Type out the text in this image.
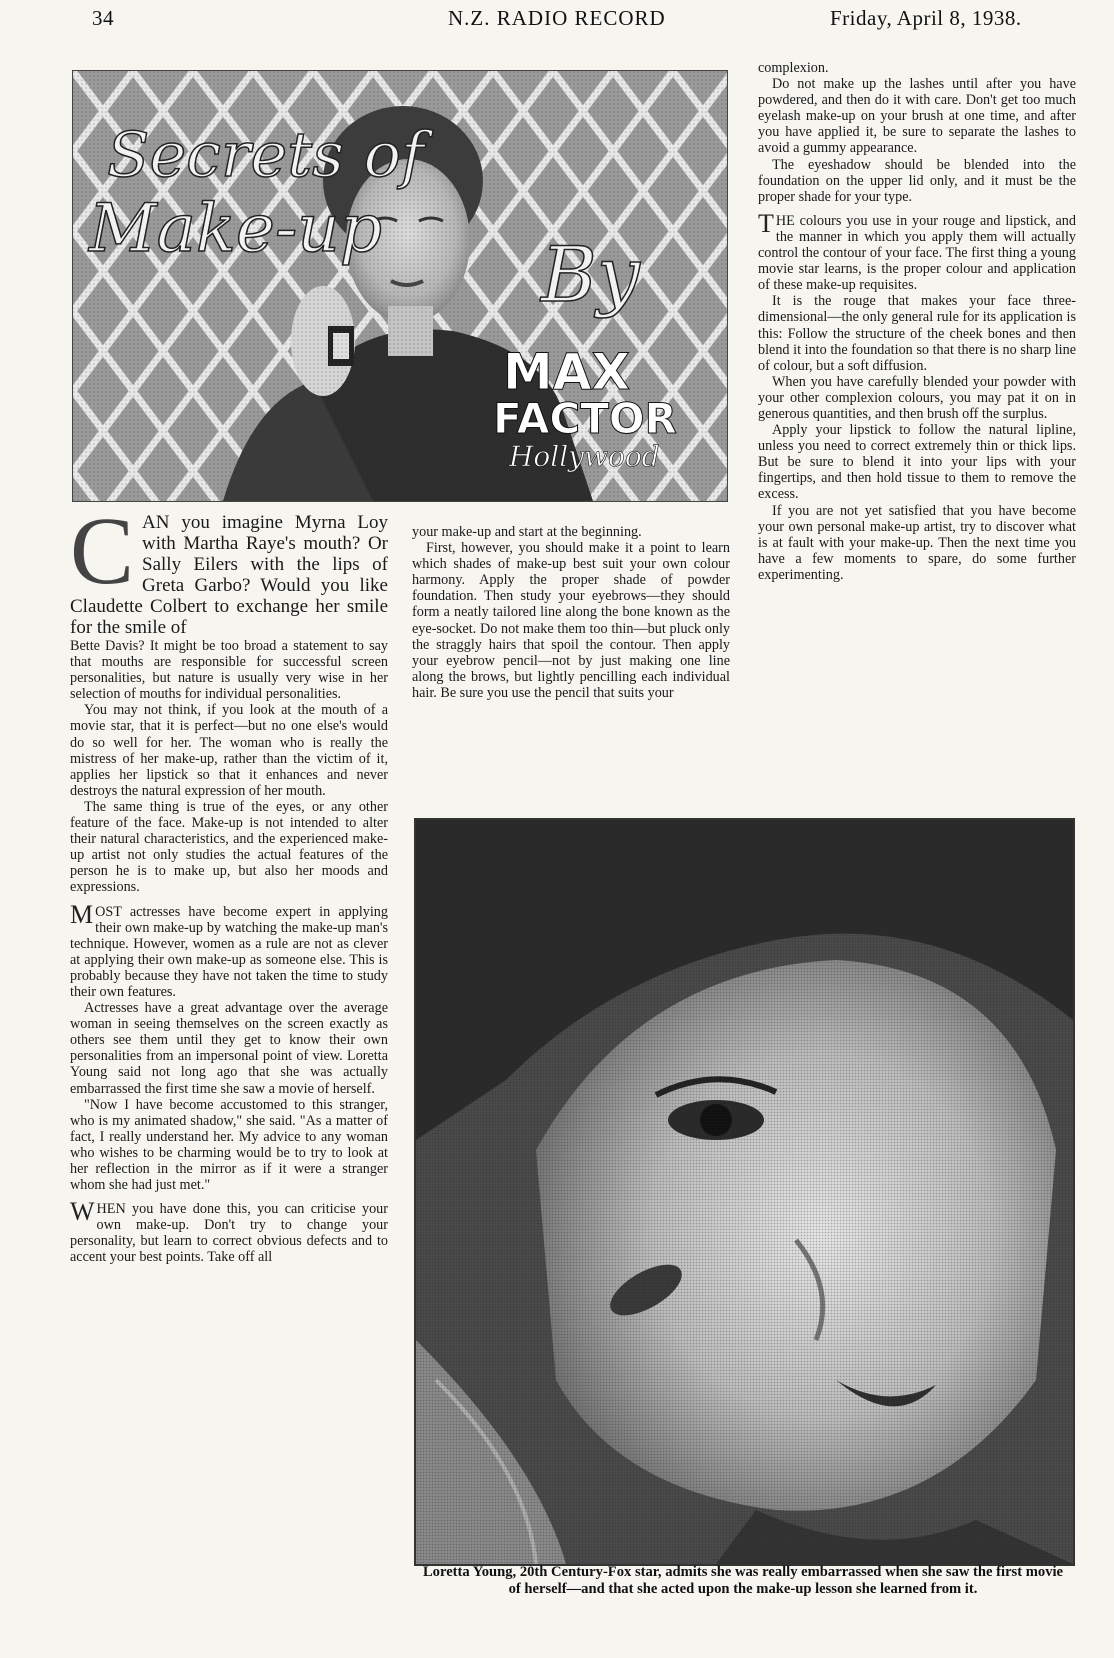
34	N.Z. RADIO RECORD	Friday, April 8, 1938.
Secrets of
Make-up
By
MAX
FACTOR
Hollywood
C AN you imagine Myrna Loy with Martha Raye's mouth? Or Sally Eilers with the lips of Greta Garbo? Would you like Claudette Colbert to exchange her smile for the smile of

Bette Davis? It might be too broad a statement to say that mouths are responsible for successful screen personalities, but nature is usually very wise in her selection of mouths for individual personalities.

You may not think, if you look at the mouth of a movie star, that it is perfect—but no one else's would do so well for her. The woman who is really the mistress of her make-up, rather than the victim of it, applies her lipstick so that it enhances and never destroys the natural expression of her mouth.

The same thing is true of the eyes, or any other feature of the face. Make-up is not intended to alter their natural characteristics, and the experienced make-up artist not only studies the actual features of the person he is to make up, but also her moods and expressions.

MOST actresses have become expert in applying their own make-up by watching the make-up man's technique. However, women as a rule are not as clever at applying their own make-up as someone else. This is probably because they have not taken the time to study their own features.

Actresses have a great advantage over the average woman in seeing themselves on the screen exactly as others see them until they get to know their own personalities from an impersonal point of view. Loretta Young said not long ago that she was actually embarrassed the first time she saw a movie of herself.

"Now I have become accustomed to this stranger, who is my animated shadow," she said. "As a matter of fact, I really understand her. My advice to any woman who wishes to be charming would be to try to look at her reflection in the mirror as if it were a stranger whom she had just met."

WHEN you have done this, you can criticise your own make-up. Don't try to change your personality, but learn to correct obvious defects and to accent your best points. Take off all

your make-up and start at the beginning.

First, however, you should make it a point to learn which shades of make-up best suit your own colour harmony. Apply the proper shade of powder foundation. Then study your eyebrows—they should form a neatly tailored line along the bone known as the eye-socket. Do not make them too thin—but pluck only the straggly hairs that spoil the contour. Then apply your eyebrow pencil—not by just making one line along the brows, but lightly pencilling each individual hair. Be sure you use the pencil that suits your

complexion.

Do not make up the lashes until after you have powdered, and then do it with care. Don't get too much eyelash make-up on your brush at one time, and after you have applied it, be sure to separate the lashes to avoid a gummy appearance.

The eyeshadow should be blended into the foundation on the upper lid only, and it must be the proper shade for your type.

THE colours you use in your rouge and lipstick, and the manner in which you apply them will actually control the contour of your face. The first thing a young movie star learns, is the proper colour and application of these make-up requisites.

It is the rouge that makes your face three-dimensional—the only general rule for its application is this: Follow the structure of the cheek bones and then blend it into the foundation so that there is no sharp line of colour, but a soft diffusion.

When you have carefully blended your powder with your other complexion colours, you may pat it on in generous quantities, and then brush off the surplus.

Apply your lipstick to follow the natural lipline, unless you need to correct extremely thin or thick lips. But be sure to blend it into your lips with your fingertips, and then hold tissue to them to remove the excess.

If you are not yet satisfied that you have become your own personal make-up artist, try to discover what is at fault with your make-up. Then the next time you have a few moments to spare, do some further experimenting.

Loretta Young, 20th Century-Fox star, admits she was really embarrassed when she saw the first movie of herself—and that she acted upon the make-up lesson she learned from it.
